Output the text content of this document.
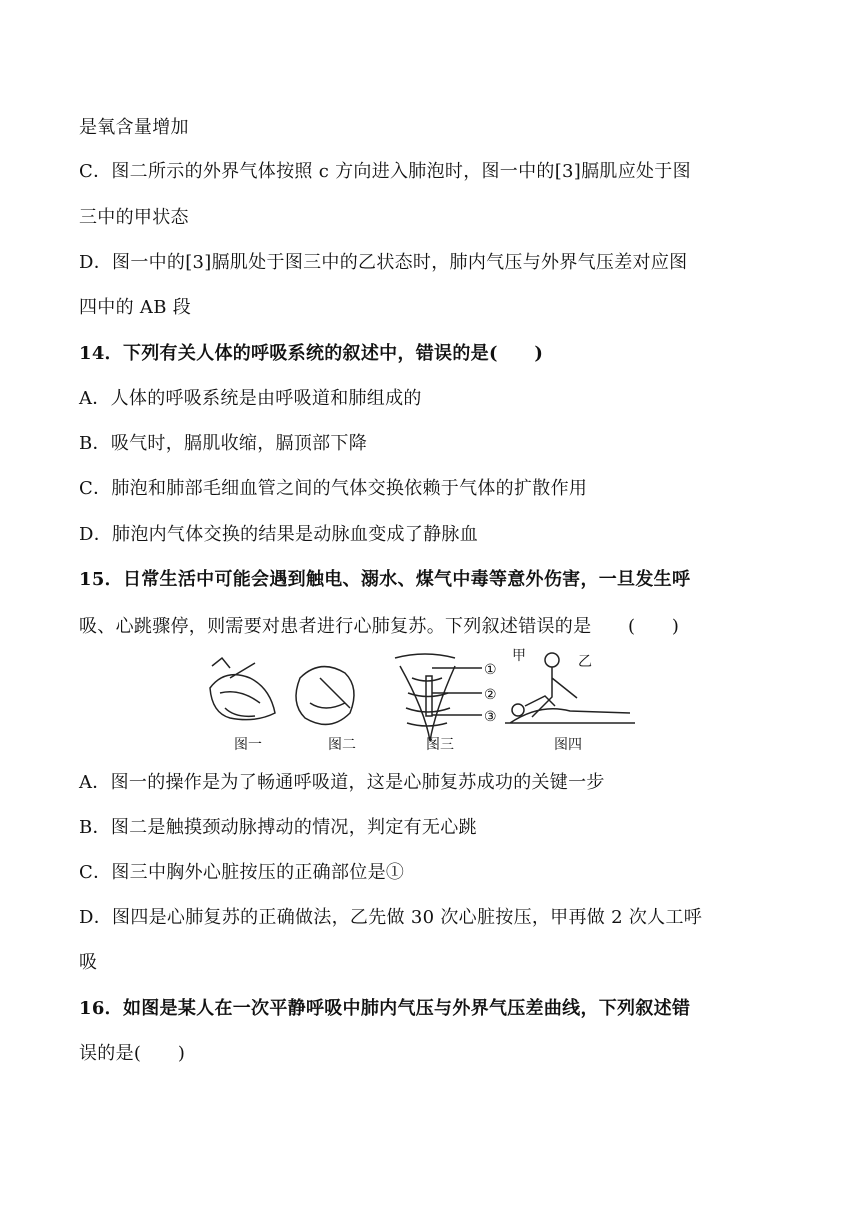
是氧含量增加
C．图二所示的外界气体按照 c 方向进入肺泡时，图一中的[3]膈肌应处于图
三中的甲状态
D．图一中的[3]膈肌处于图三中的乙状态时，肺内气压与外界气压差对应图
四中的 AB 段
14．下列有关人体的呼吸系统的叙述中，错误的是(　　)
A．人体的呼吸系统是由呼吸道和肺组成的
B．吸气时，膈肌收缩，膈顶部下降
C．肺泡和肺部毛细血管之间的气体交换依赖于气体的扩散作用
D．肺泡内气体交换的结果是动脉血变成了静脉血
15．日常生活中可能会遇到触电、溺水、煤气中毒等意外伤害，一旦发生呼
吸、心跳骤停，则需要对患者进行心肺复苏。下列叙述错误的是　　(　　)
①
②
③
甲	乙
图一	图二	图三	图四
A．图一的操作是为了畅通呼吸道，这是心肺复苏成功的关键一步
B．图二是触摸颈动脉搏动的情况，判定有无心跳
C．图三中胸外心脏按压的正确部位是①
D．图四是心肺复苏的正确做法，乙先做 30 次心脏按压，甲再做 2 次人工呼
吸
16．如图是某人在一次平静呼吸中肺内气压与外界气压差曲线，下列叙述错
误的是(　　)
